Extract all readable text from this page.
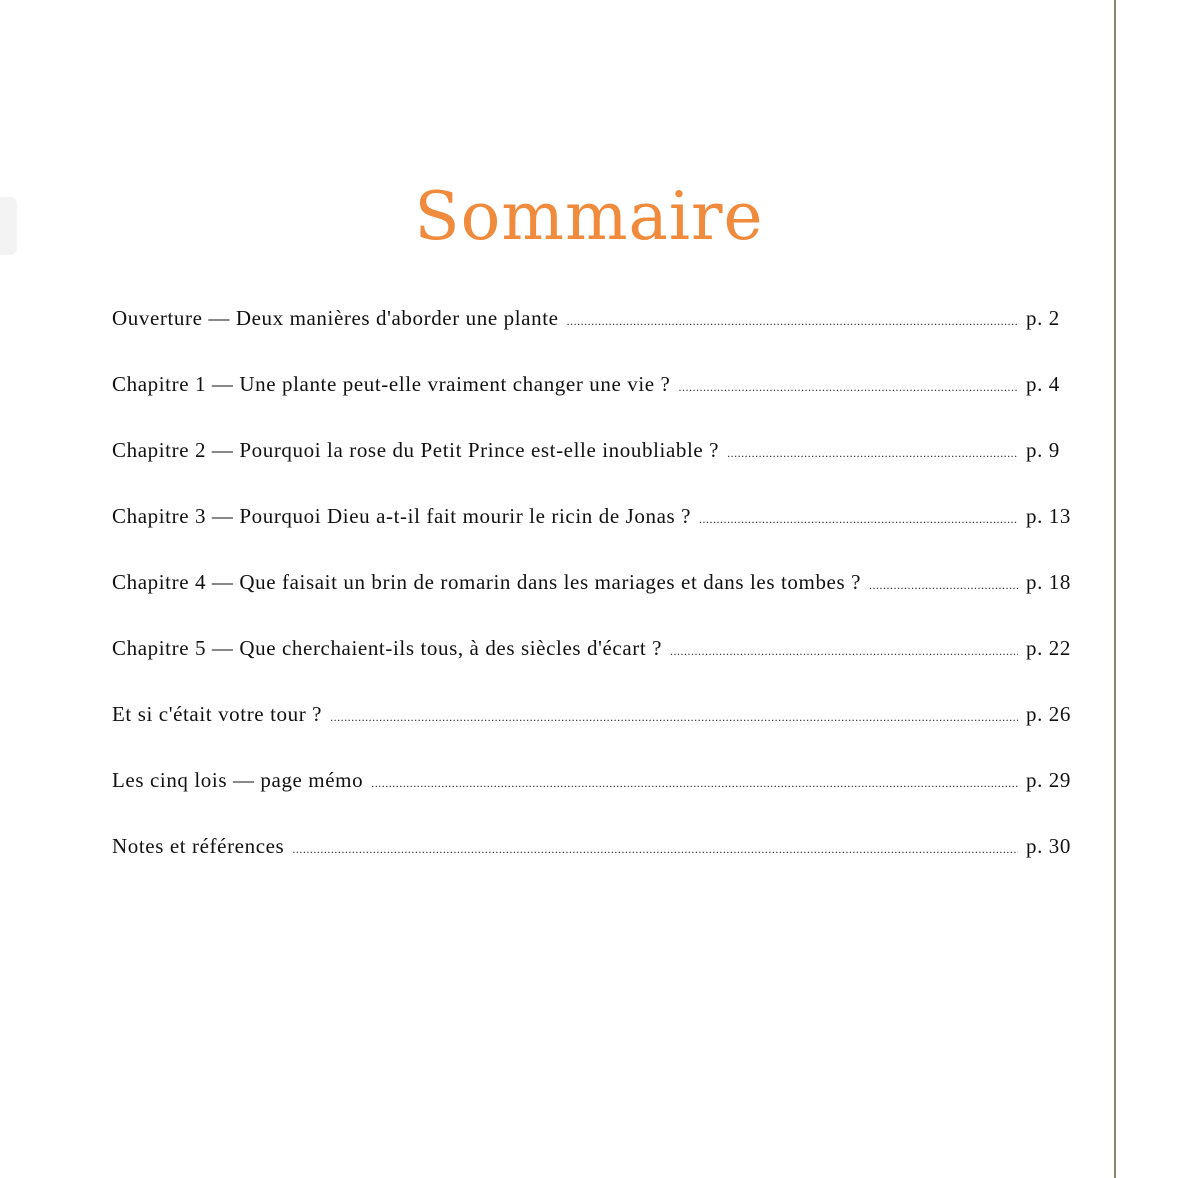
Sommaire
Ouverture — Deux manières d'aborder une plante .....	p. 2
Chapitre 1 — Une plante peut-elle vraiment changer une vie ? .....	p. 4
Chapitre 2 — Pourquoi la rose du Petit Prince est-elle inoubliable ? .....	p. 9
Chapitre 3 — Pourquoi Dieu a-t-il fait mourir le ricin de Jonas ? .....	p. 13
Chapitre 4 — Que faisait un brin de romarin dans les mariages et dans les tombes ? .....	p. 18
Chapitre 5 — Que cherchaient-ils tous, à des siècles d'écart ? .....	p. 22
Et si c'était votre tour ? .....	p. 26
Les cinq lois — page mémo .....	p. 29
Notes et références .....	p. 30
